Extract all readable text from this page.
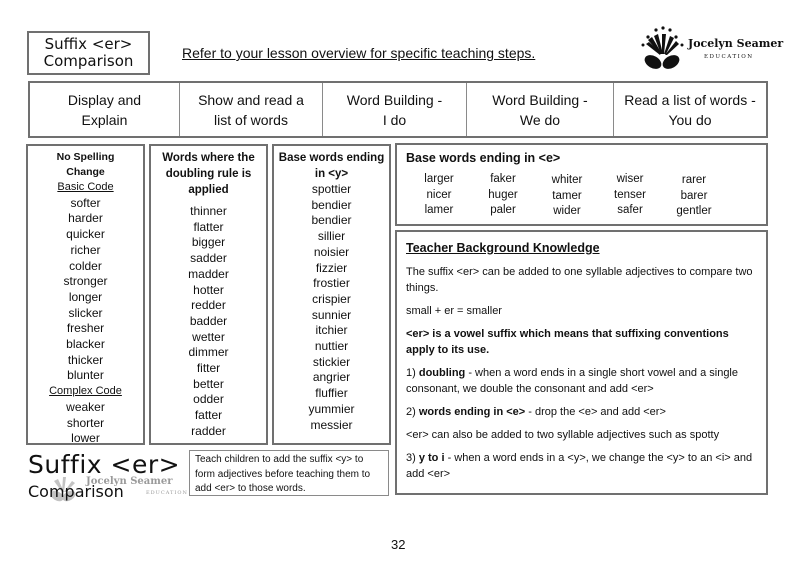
Suffix <er>
Comparison	Refer to your lesson overview for specific teaching steps.
Jocelyn Seamer
EDUCATION
Display and
Explain
Show and read a
list of words
Word Building -
I do
Word Building -
We do
Read a list of words -
You do
No Spelling
Change
Basic Code
softer
harder
quicker
richer
colder
stronger
longer
slicker
fresher
blacker
thicker
blunter
Complex Code
weaker
shorter
lower
Words where the
doubling rule is
applied
thinner
flatter
bigger
sadder
madder
hotter
redder
badder
wetter
dimmer
fitter
better
odder
fatter
radder
Base words ending
in <y>
spottier
bendier
bendier
sillier
noisier
fizzier
frostier
crispier
sunnier
itchier
nuttier
stickier
angrier
fluffier
yummier
messier
Base words ending in <e>
larger
nicer
lamer
faker
huger
paler
whiter
tamer
wider
wiser
tenser
safer
rarer
barer
gentler
Teacher Background Knowledge

The suffix <er> can be added to one syllable adjectives to compare two things.

small + er = smaller

<er> is a vowel suffix which means that suffixing conventions apply to its use.

1) doubling - when a word ends in a single short vowel and a single consonant, we double the consonant and add <er>

2) words ending in <e> - drop the <e> and add <er>

<er> can also be added to two syllable adjectives such as spotty

3) y to i - when a word ends in a <y>, we change the <y> to an <i> and add <er>

Suffix <er>
Jocelyn Seamer
EDUCATION
Comparison
Teach children to add the suffix <y> to form adjectives before teaching them to add <er> to those words.
32
